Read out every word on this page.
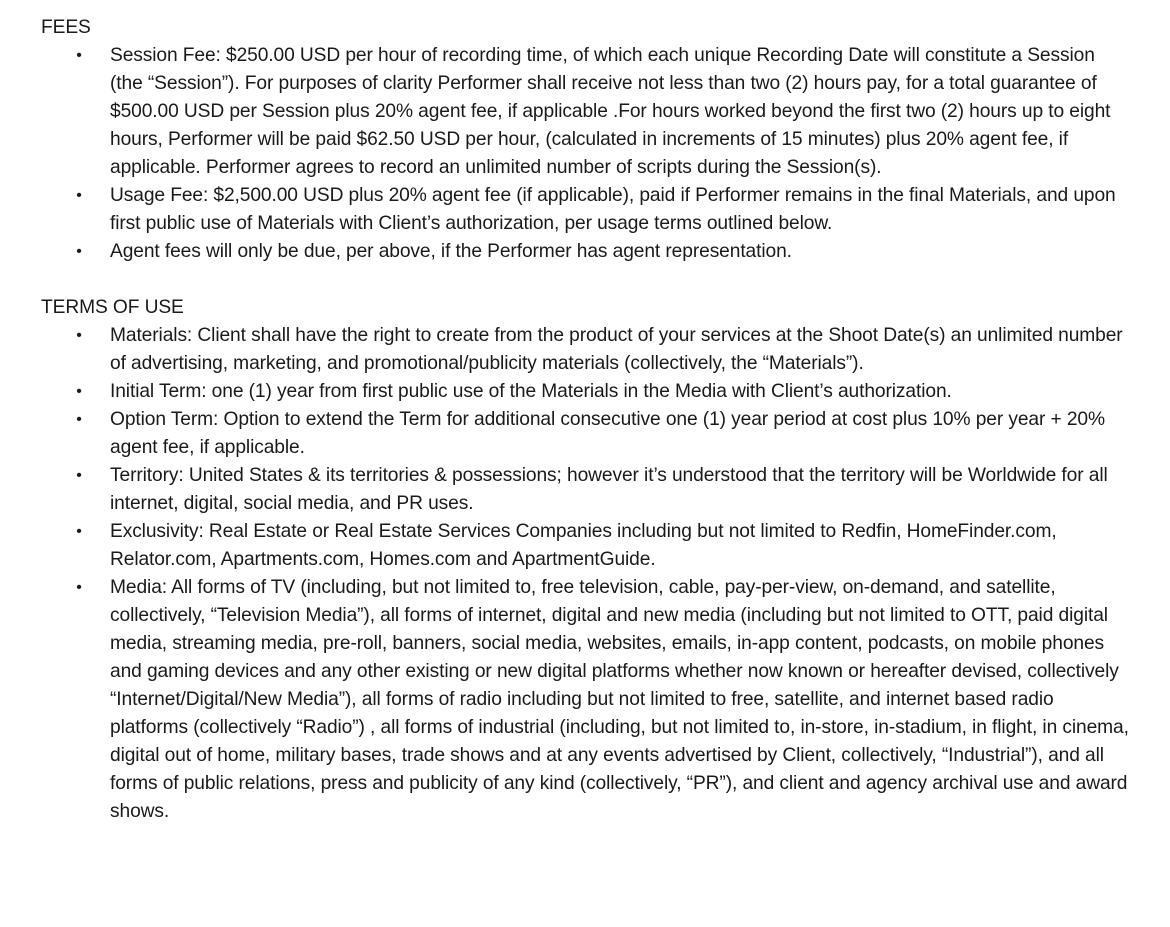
FEES
• Session Fee: $250.00 USD per hour of recording time, of which each unique Recording Date will constitute a Session (the “Session”). For purposes of clarity Performer shall receive not less than two (2) hours pay, for a total guarantee of $500.00 USD per Session plus 20% agent fee, if applicable .For hours worked beyond the first two (2) hours up to eight hours, Performer will be paid $62.50 USD per hour, (calculated in increments of 15 minutes) plus 20% agent fee, if applicable. Performer agrees to record an unlimited number of scripts during the Session(s).
• Usage Fee: $2,500.00 USD plus 20% agent fee (if applicable), paid if Performer remains in the final Materials, and upon first public use of Materials with Client’s authorization, per usage terms outlined below.
• Agent fees will only be due, per above, if the Performer has agent representation.
TERMS OF USE
• Materials: Client shall have the right to create from the product of your services at the Shoot Date(s) an unlimited number of advertising, marketing, and promotional/publicity materials (collectively, the “Materials”).
• Initial Term: one (1) year from first public use of the Materials in the Media with Client’s authorization.
• Option Term: Option to extend the Term for additional consecutive one (1) year period at cost plus 10% per year + 20% agent fee, if applicable.
• Territory: United States & its territories & possessions; however it’s understood that the territory will be Worldwide for all internet, digital, social media, and PR uses.
• Exclusivity: Real Estate or Real Estate Services Companies including but not limited to Redfin, HomeFinder.com, Relator.com, Apartments.com, Homes.com and ApartmentGuide.
• Media: All forms of TV (including, but not limited to, free television, cable, pay-per-view, on-demand, and satellite, collectively, “Television Media”), all forms of internet, digital and new media (including but not limited to OTT, paid digital media, streaming media, pre-roll, banners, social media, websites, emails, in-app content, podcasts, on mobile phones and gaming devices and any other existing or new digital platforms whether now known or hereafter devised, collectively “Internet/Digital/New Media”), all forms of radio including but not limited to free, satellite, and internet based radio platforms (collectively “Radio”) , all forms of industrial (including, but not limited to, in-store, in-stadium, in flight, in cinema, digital out of home, military bases, trade shows and at any events advertised by Client, collectively, “Industrial”), and all forms of public relations, press and publicity of any kind (collectively, “PR”), and client and agency archival use and award shows.
